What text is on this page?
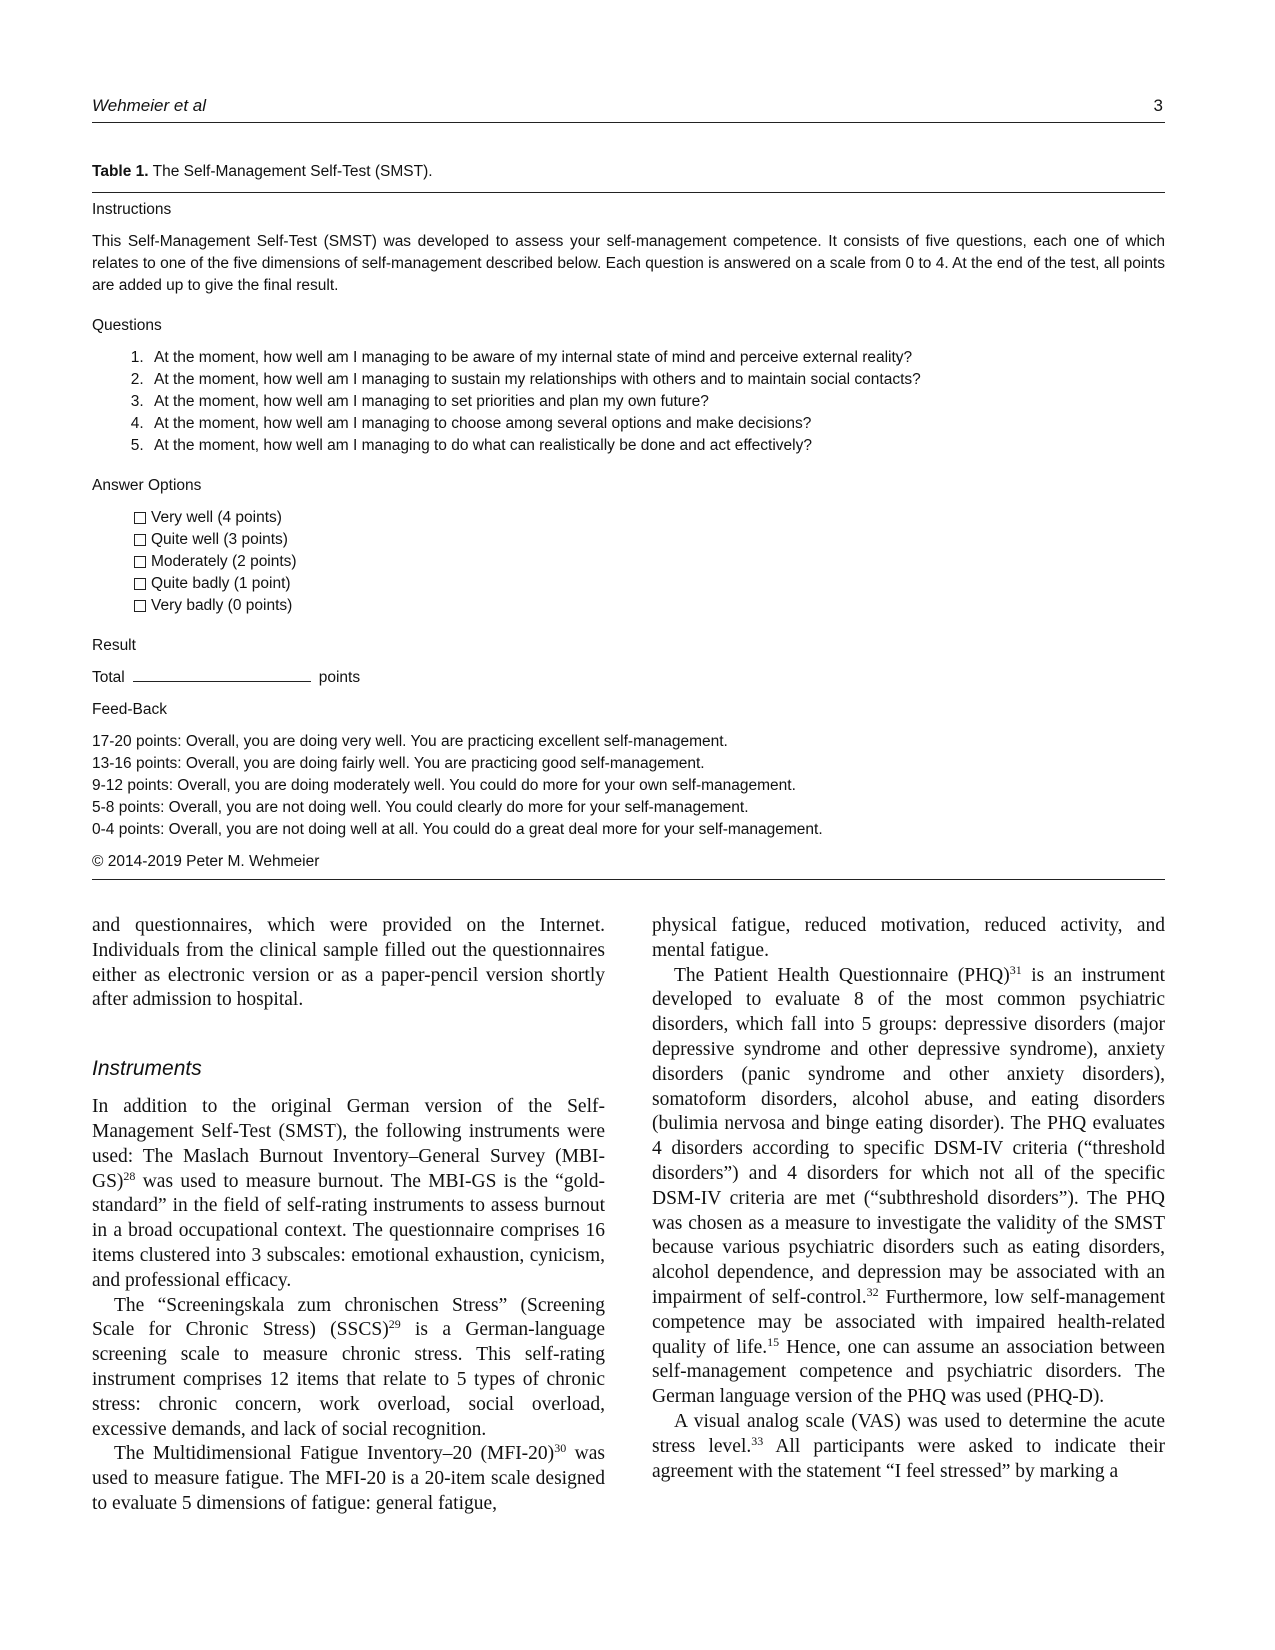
Wehmeier et al	3
Table 1. The Self-Management Self-Test (SMST).
Instructions
This Self-Management Self-Test (SMST) was developed to assess your self-management competence. It consists of five questions, each one of which relates to one of the five dimensions of self-management described below. Each question is answered on a scale from 0 to 4. At the end of the test, all points are added up to give the final result.
Questions
1. At the moment, how well am I managing to be aware of my internal state of mind and perceive external reality?
2. At the moment, how well am I managing to sustain my relationships with others and to maintain social contacts?
3. At the moment, how well am I managing to set priorities and plan my own future?
4. At the moment, how well am I managing to choose among several options and make decisions?
5. At the moment, how well am I managing to do what can realistically be done and act effectively?
Answer Options
Very well (4 points)
Quite well (3 points)
Moderately (2 points)
Quite badly (1 point)
Very badly (0 points)
Result
Total	points
Feed-Back
17-20 points: Overall, you are doing very well. You are practicing excellent self-management.
13-16 points: Overall, you are doing fairly well. You are practicing good self-management.
9-12 points: Overall, you are doing moderately well. You could do more for your own self-management.
5-8 points: Overall, you are not doing well. You could clearly do more for your self-management.
0-4 points: Overall, you are not doing well at all. You could do a great deal more for your self-management.
© 2014-2019 Peter M. Wehmeier

and questionnaires, which were provided on the Internet. Individuals from the clinical sample filled out the questionnaires either as electronic version or as a paper-pencil version shortly after admission to hospital.

Instruments

In addition to the original German version of the Self-Management Self-Test (SMST), the following instruments were used: The Maslach Burnout Inventory–General Survey $(MBI-GS)^{28}$ was used to measure burnout. The MBI-GS is the “gold-standard” in the field of self-rating instruments to assess burnout in a broad occupational context. The questionnaire comprises 16 items clustered into 3 subscales: emotional exhaustion, cynicism, and professional efficacy.

The “Screeningskala zum chronischen Stress” (Screening Scale for Chronic Stress) (SSCS)$^{29}$ is a German-language screening scale to measure chronic stress. This self-rating instrument comprises 12 items that relate to 5 types of chronic stress: chronic concern, work overload, social overload, excessive demands, and lack of social recognition.

The Multidimensional Fatigue Inventory–20 $(MFI-20)^{30}$ was used to measure fatigue. The MFI-20 is a 20-item scale designed to evaluate 5 dimensions of fatigue: general fatigue,

physical fatigue, reduced motivation, reduced activity, and mental fatigue.

The Patient Health Questionnaire (PHQ)$^{31}$ is an instrument developed to evaluate 8 of the most common psychiatric disorders, which fall into 5 groups: depressive disorders (major depressive syndrome and other depressive syndrome), anxiety disorders (panic syndrome and other anxiety disorders), somatoform disorders, alcohol abuse, and eating disorders (bulimia nervosa and binge eating disorder). The PHQ evaluates 4 disorders according to specific DSM-IV criteria (“threshold disorders”) and 4 disorders for which not all of the specific DSM-IV criteria are met (“subthreshold disorders”). The PHQ was chosen as a measure to investigate the validity of the SMST because various psychiatric disorders such as eating disorders, alcohol dependence, and depression may be associated with an impairment of self-control.$^{32}$ Furthermore, low self-management competence may be associated with impaired health-related quality of life.$^{15}$ Hence, one can assume an association between self-management competence and psychiatric disorders. The German language version of the PHQ was used (PHQ-D).

A visual analog scale (VAS) was used to determine the acute stress level.$^{33}$ All participants were asked to indicate their agreement with the statement “I feel stressed” by marking a
